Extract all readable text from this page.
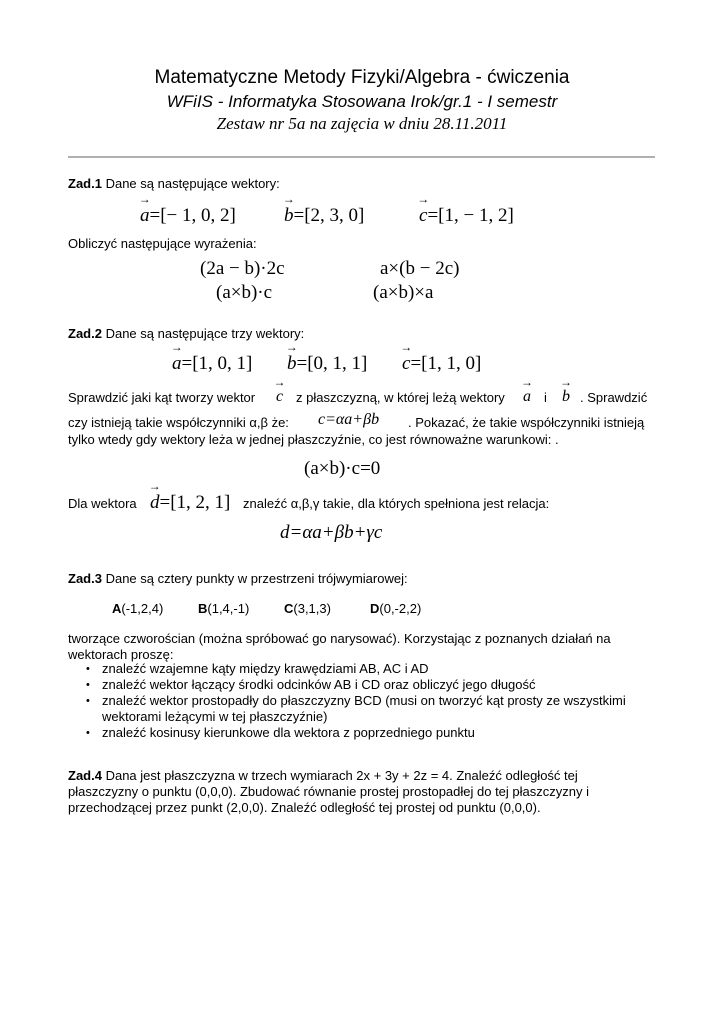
Matematyczne Metody Fizyki/Algebra - ćwiczenia
WFiIS - Informatyka Stosowana Irok/gr.1 - I semestr
Zestaw nr 5a na zajęcia w dniu 28.11.2011
Zad.1 Dane są następujące wektory:
→ a=[− 1, 0, 2]	→ b=[2, 3, 0]	→ c=[1, − 1, 2]
Obliczyć następujące wyrażenia:
(2a − b)·2c	a×(b − 2c)
(a×b)·c	(a×b)×a
Zad.2 Dane są następujące trzy wektory:
→ a=[1, 0, 1] → b=[0, 1, 1] → c=[1, 1, 0]
Sprawdzić jaki kąt tworzy wektor → c z płaszczyzną, w której leżą wektory → a i → b . Sprawdzić
czy istnieją takie współczynniki α,β że: c=αa+βb . Pokazać, że takie współczynniki istnieją
tylko wtedy gdy wektory leża w jednej płaszczyźnie, co jest równoważne warunkowi: .
(a×b)·c=0
Dla wektora → d=[1, 2, 1] znaleźć α,β,γ takie, dla których spełniona jest relacja:
d=αa+βb+γc
Zad.3 Dane są cztery punkty w przestrzeni trójwymiarowej:
A(-1,2,4)	B(1,4,-1)	C(3,1,3)	D(0,-2,2)
tworzące czworościan (można spróbować go narysować). Korzystając z poznanych działań na wektorach proszę:
• znaleźć wzajemne kąty między krawędziami AB, AC i AD
• znaleźć wektor łączący środki odcinków AB i CD oraz obliczyć jego długość
• znaleźć wektor prostopadły do płaszczyzny BCD (musi on tworzyć kąt prosty ze wszystkimi wektorami leżącymi w tej płaszczyźnie)
• znaleźć kosinusy kierunkowe dla wektora z poprzedniego punktu
Zad.4 Dana jest płaszczyzna w trzech wymiarach 2x + 3y + 2z = 4. Znaleźć odległość tej płaszczyzny o punktu (0,0,0). Zbudować równanie prostej prostopadłej do tej płaszczyzny i przechodzącej przez punkt (2,0,0). Znaleźć odległość tej prostej od punktu (0,0,0).
